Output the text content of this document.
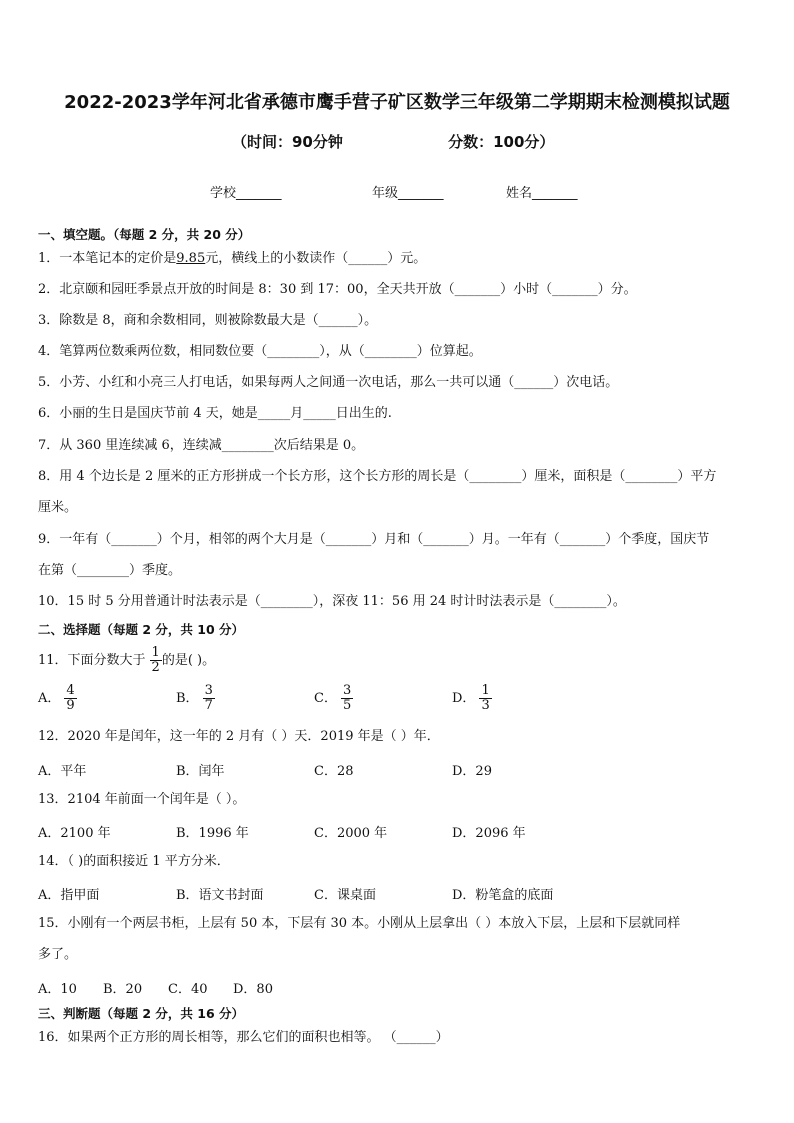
2022-2023学年河北省承德市鹰手营子矿区数学三年级第二学期期末检测模拟试题
（时间：90分钟	分数：100分）
学校_______	年级_______	姓名_______
一、填空题。（每题 2 分，共 20 分）
1．一本笔记本的定价是9.85元，横线上的小数读作（______）元。
2．北京颐和园旺季景点开放的时间是 8：30 到 17：00，全天共开放（_______）小时（_______）分。
3．除数是 8，商和余数相同，则被除数最大是（______）。
4．笔算两位数乘两位数，相同数位要（________），从（________）位算起。
5．小芳、小红和小亮三人打电话，如果每两人之间通一次电话，那么一共可以通（______）次电话。
6．小丽的生日是国庆节前 4 天，她是_____月_____日出生的.
7．从 360 里连续减 6，连续减________次后结果是 0。
8．用 4 个边长是 2 厘米的正方形拼成一个长方形，这个长方形的周长是（________）厘米，面积是（________）平方
厘米。
9．一年有（_______）个月，相邻的两个大月是（_______）月和（_______）月。一年有（_______）个季度，国庆节
在第（________）季度。
10．15 时 5 分用普通计时法表示是（________），深夜 11：56 用 24 时计时法表示是（________）。
二、选择题（每题 2 分，共 10 分）
11．下面分数大于 $\frac{1}{2}$ 的是( )。
A． $\frac{4}{9}$	B． $\frac{3}{7}$	C． $\frac{3}{5}$	D． $\frac{1}{3}$
12．2020 年是闰年，这一年的 2 月有（ ）天．2019 年是（ ）年．
A．平年	B．闰年	C．28	D．29
13．2104 年前面一个闰年是（ ）。
A．2100 年	B．1996 年	C．2000 年	D．2096 年
14．（ )的面积接近 1 平方分米．
A．指甲面	B．语文书封面	C．课桌面	D．粉笔盒的底面
15．小刚有一个两层书柜，上层有 50 本，下层有 30 本。小刚从上层拿出（ ）本放入下层，上层和下层就同样
多了。
A．10 B．20 C．40 D．80
三、判断题（每题 2 分，共 16 分）
16．如果两个正方形的周长相等，那么它们的面积也相等。 （______）
